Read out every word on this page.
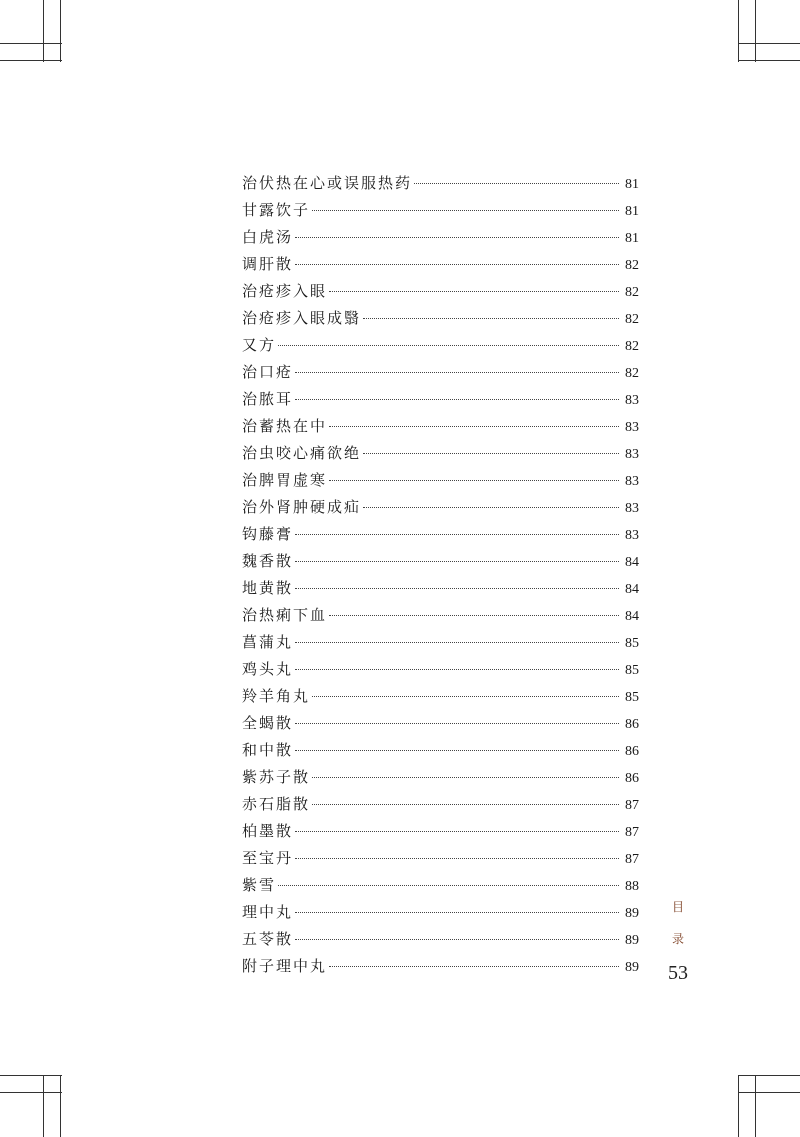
治伏热在心或误服热药	81
甘露饮子	81
白虎汤	81
调肝散	82
治疮疹入眼	82
治疮疹入眼成翳	82
又方	82
治口疮	82
治脓耳	83
治蓄热在中	83
治虫咬心痛欲绝	83
治脾胃虚寒	83
治外肾肿硬成疝	83
钩藤膏	83
魏香散	84
地黄散	84
治热痢下血	84
菖蒲丸	85
鸡头丸	85
羚羊角丸	85
全蝎散	86
和中散	86
紫苏子散	86
赤石脂散	87
柏墨散	87
至宝丹	87
紫雪	88
理中丸	89
五苓散	89
附子理中丸	89
目
录
53
